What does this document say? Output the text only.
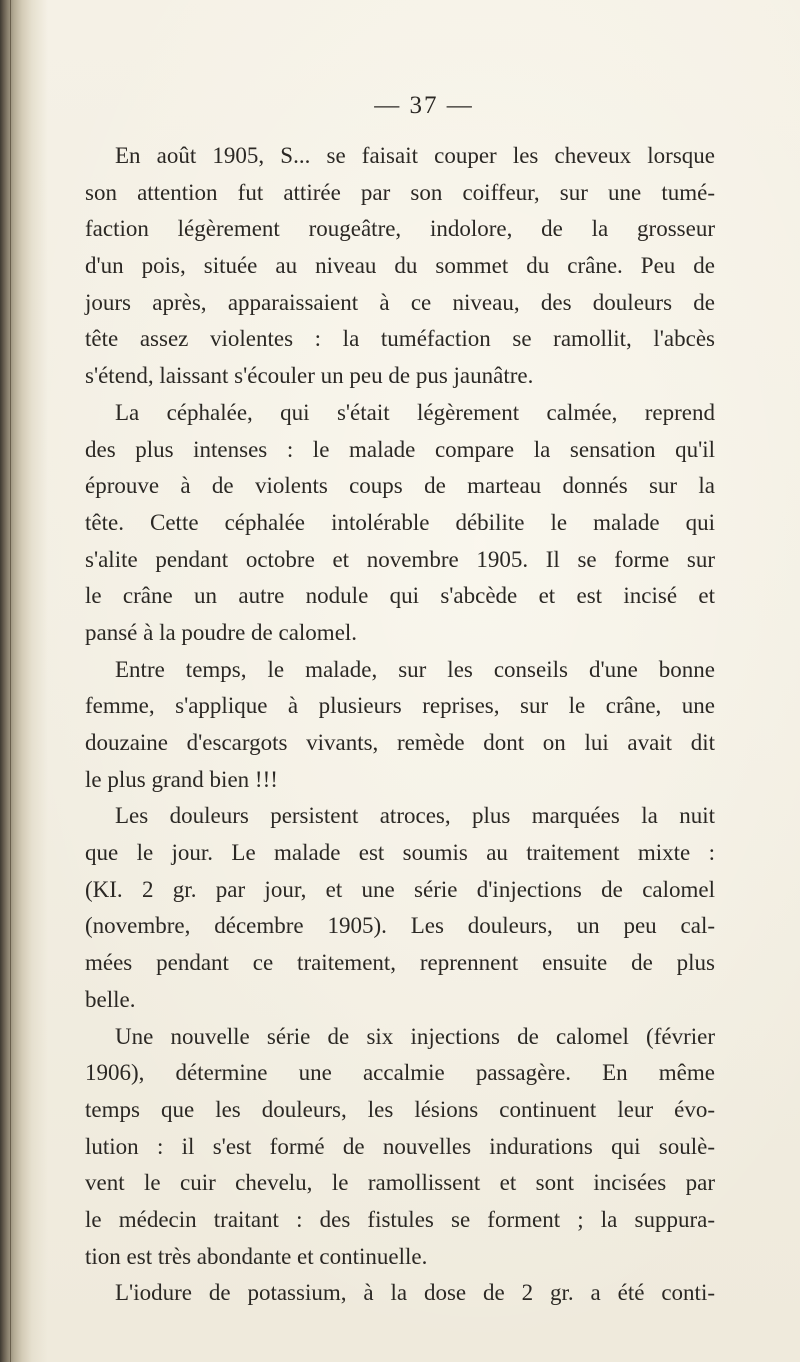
— 37 —
En août 1905, S... se faisait couper les cheveux lorsque
son attention fut attirée par son coiffeur, sur une tumé-
faction légèrement rougeâtre, indolore, de la grosseur
d'un pois, située au niveau du sommet du crâne. Peu de
jours après, apparaissaient à ce niveau, des douleurs de
tête assez violentes : la tuméfaction se ramollit, l'abcès
s'étend, laissant s'écouler un peu de pus jaunâtre.
La céphalée, qui s'était légèrement calmée, reprend
des plus intenses : le malade compare la sensation qu'il
éprouve à de violents coups de marteau donnés sur la
tête. Cette céphalée intolérable débilite le malade qui
s'alite pendant octobre et novembre 1905. Il se forme sur
le crâne un autre nodule qui s'abcède et est incisé et
pansé à la poudre de calomel.
Entre temps, le malade, sur les conseils d'une bonne
femme, s'applique à plusieurs reprises, sur le crâne, une
douzaine d'escargots vivants, remède dont on lui avait dit
le plus grand bien !!!
Les douleurs persistent atroces, plus marquées la nuit
que le jour. Le malade est soumis au traitement mixte :
(KI. 2 gr. par jour, et une série d'injections de calomel
(novembre, décembre 1905). Les douleurs, un peu cal-
mées pendant ce traitement, reprennent ensuite de plus
belle.
Une nouvelle série de six injections de calomel (février
1906), détermine une accalmie passagère. En même
temps que les douleurs, les lésions continuent leur évo-
lution : il s'est formé de nouvelles indurations qui soulè-
vent le cuir chevelu, le ramollissent et sont incisées par
le médecin traitant : des fistules se forment ; la suppura-
tion est très abondante et continuelle.
L'iodure de potassium, à la dose de 2 gr. a été conti-
